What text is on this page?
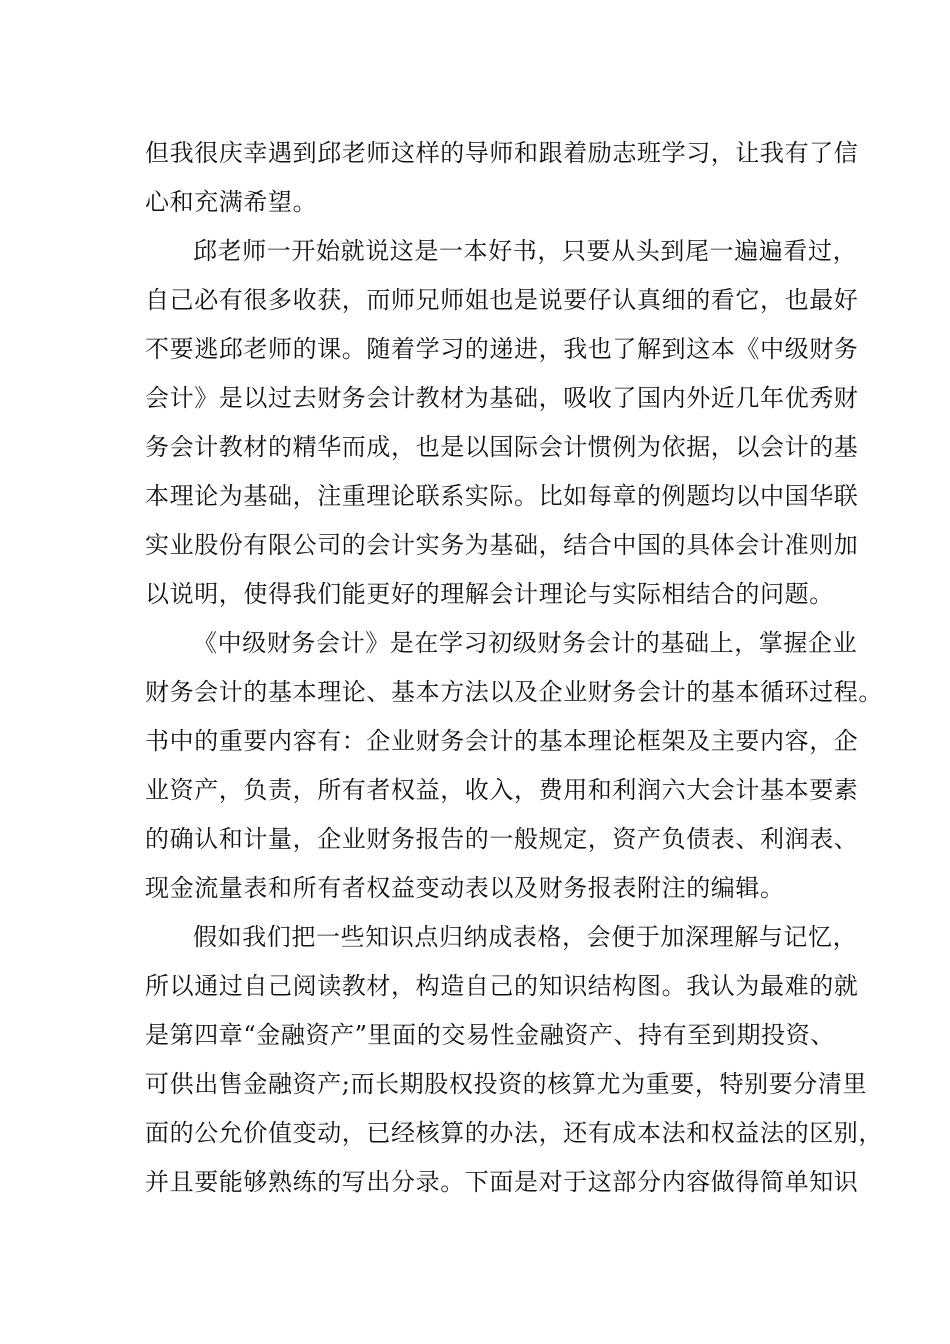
但我很庆幸遇到邱老师这样的导师和跟着励志班学习，让我有了信
心和充满希望。
邱老师一开始就说这是一本好书，只要从头到尾一遍遍看过，
自己必有很多收获，而师兄师姐也是说要仔认真细的看它，也最好
不要逃邱老师的课。随着学习的递进，我也了解到这本《中级财务
会计》是以过去财务会计教材为基础，吸收了国内外近几年优秀财
务会计教材的精华而成，也是以国际会计惯例为依据，以会计的基
本理论为基础，注重理论联系实际。比如每章的例题均以中国华联
实业股份有限公司的会计实务为基础，结合中国的具体会计准则加
以说明，使得我们能更好的理解会计理论与实际相结合的问题。
《中级财务会计》是在学习初级财务会计的基础上，掌握企业
财务会计的基本理论、基本方法以及企业财务会计的基本循环过程。
书中的重要内容有：企业财务会计的基本理论框架及主要内容，企
业资产，负责，所有者权益，收入，费用和利润六大会计基本要素
的确认和计量，企业财务报告的一般规定，资产负债表、利润表、
现金流量表和所有者权益变动表以及财务报表附注的编辑。
假如我们把一些知识点归纳成表格，会便于加深理解与记忆，
所以通过自己阅读教材，构造自己的知识结构图。我认为最难的就
是第四章“金融资产”里面的交易性金融资产、持有至到期投资、
可供出售金融资产;而长期股权投资的核算尤为重要，特别要分清里
面的公允价值变动，已经核算的办法，还有成本法和权益法的区别，
并且要能够熟练的写出分录。下面是对于这部分内容做得简单知识
